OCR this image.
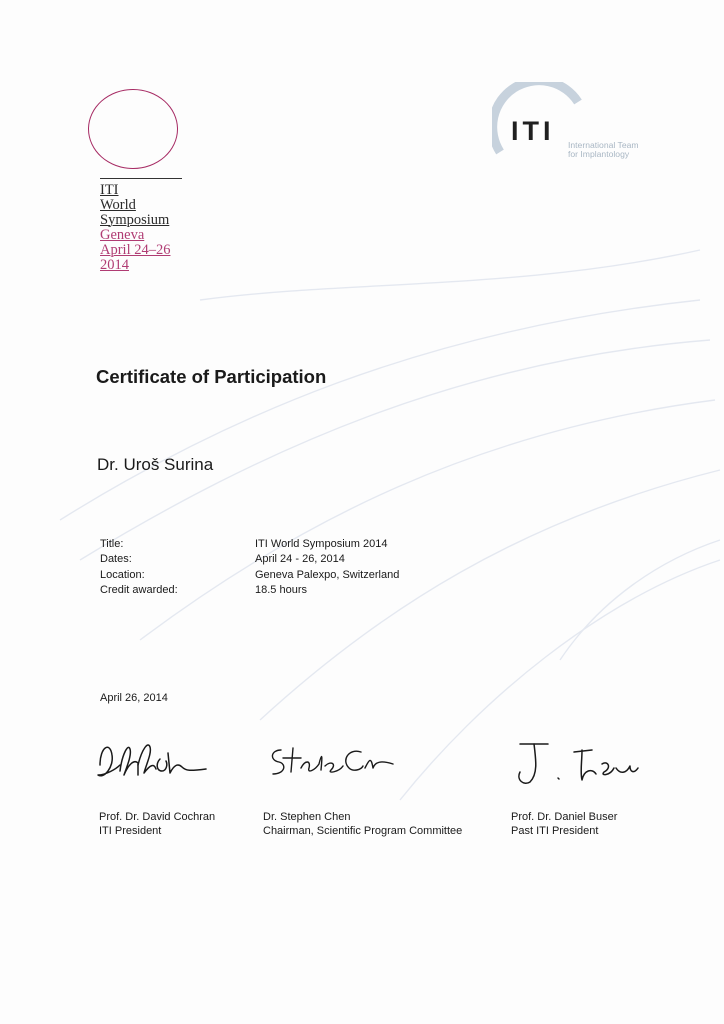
ITI
World
Symposium
Geneva
April 24–26
2014
ITI International Team
for Implantology
Certificate of Participation
Dr. Uroš Surina
Title:	ITI World Symposium 2014
Dates:	April 24 - 26, 2014
Location:	Geneva Palexpo, Switzerland
Credit awarded:	18.5 hours
April 26, 2014
Prof. Dr. David Cochran
ITI President
Dr. Stephen Chen
Chairman, Scientific Program Committee
Prof. Dr. Daniel Buser
Past ITI President
